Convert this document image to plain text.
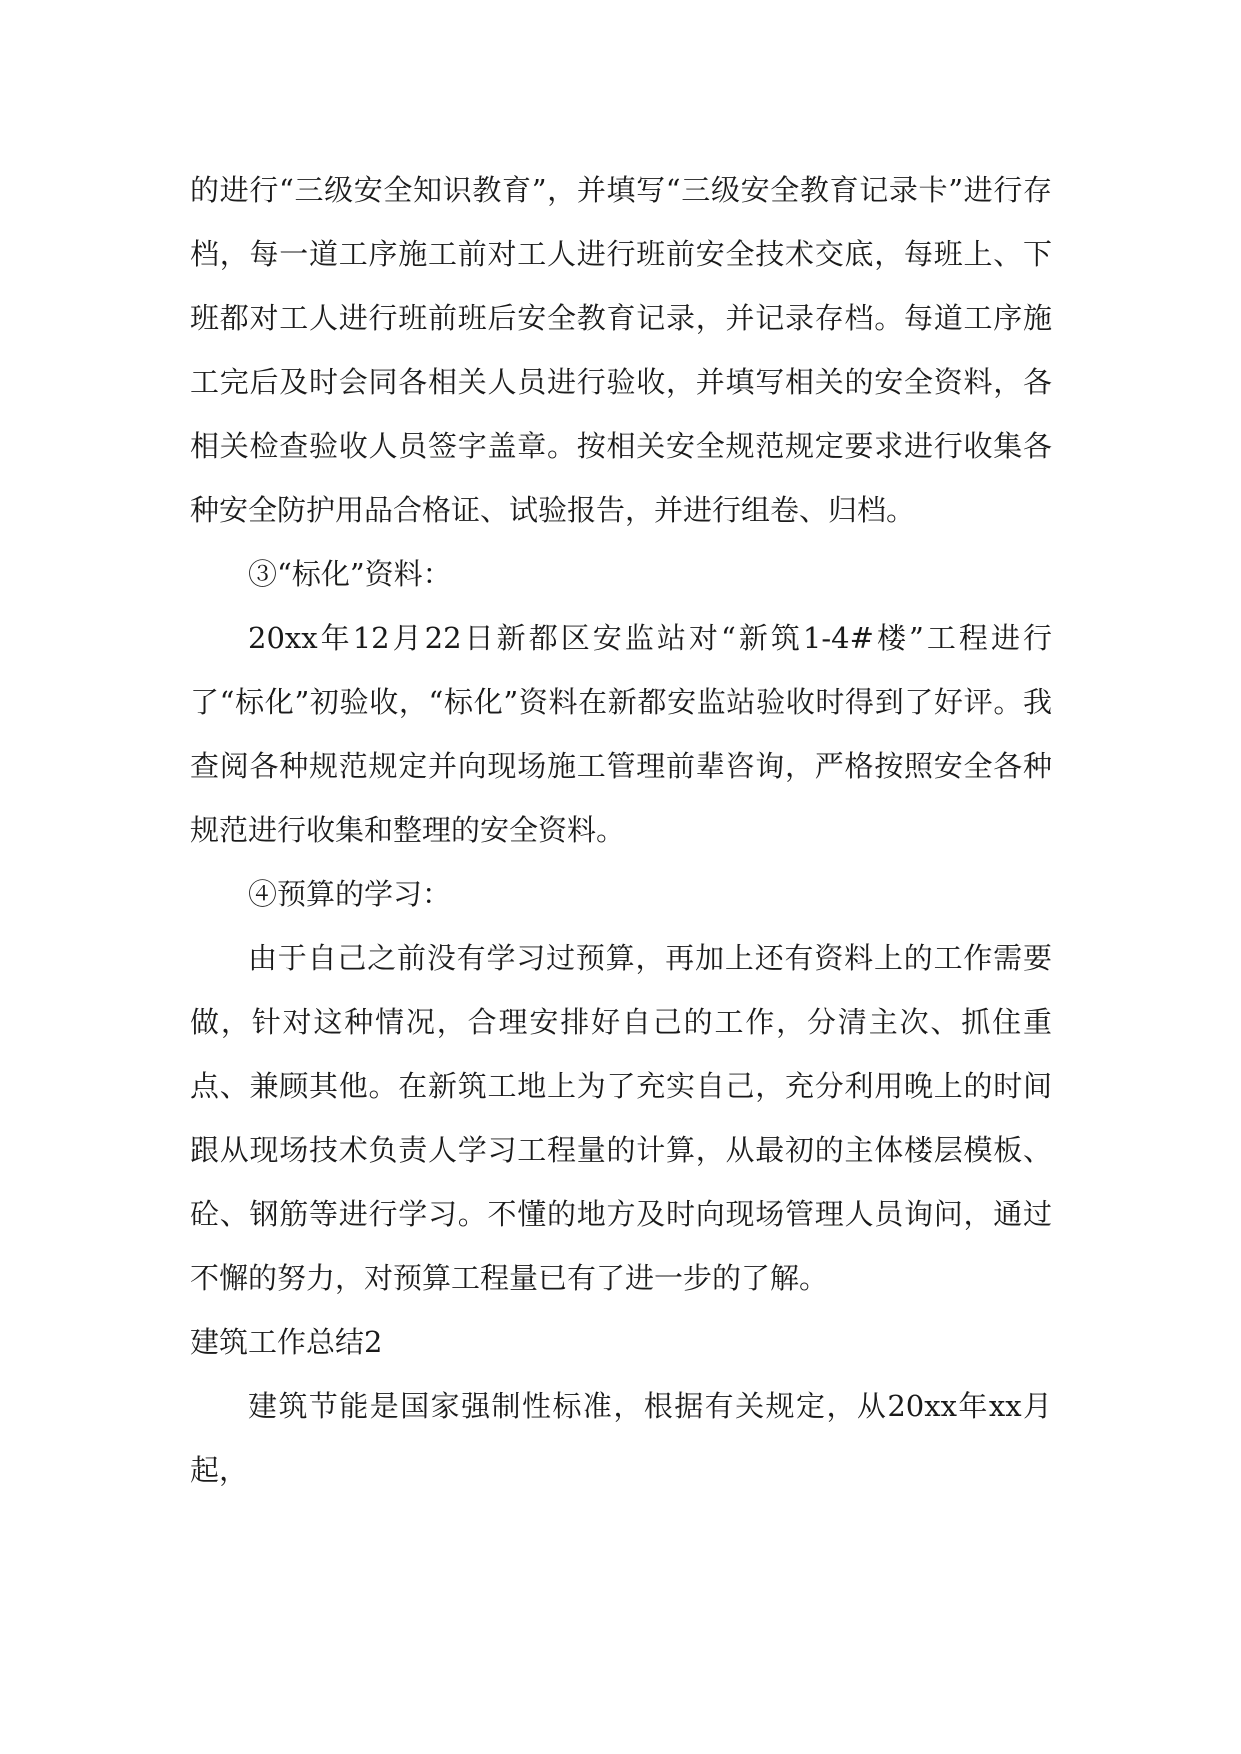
的进行“三级安全知识教育”，并填写“三级安全教育记录卡”进行存档，每一道工序施工前对工人进行班前安全技术交底，每班上、下班都对工人进行班前班后安全教育记录，并记录存档。每道工序施工完后及时会同各相关人员进行验收，并填写相关的安全资料，各相关检查验收人员签字盖章。按相关安全规范规定要求进行收集各种安全防护用品合格证、试验报告，并进行组卷、归档。

③“标化”资料：

20xx年12月22日新都区安监站对“新筑1-4#楼”工程进行了“标化”初验收，“标化”资料在新都安监站验收时得到了好评。我查阅各种规范规定并向现场施工管理前辈咨询，严格按照安全各种规范进行收集和整理的安全资料。

④预算的学习：

由于自己之前没有学习过预算，再加上还有资料上的工作需要做，针对这种情况，合理安排好自己的工作，分清主次、抓住重点、兼顾其他。在新筑工地上为了充实自己，充分利用晚上的时间跟从现场技术负责人学习工程量的计算，从最初的主体楼层模板、砼、钢筋等进行学习。不懂的地方及时向现场管理人员询问，通过不懈的努力，对预算工程量已有了进一步的了解。

建筑工作总结2

建筑节能是国家强制性标准，根据有关规定，从20xx年xx月起，
